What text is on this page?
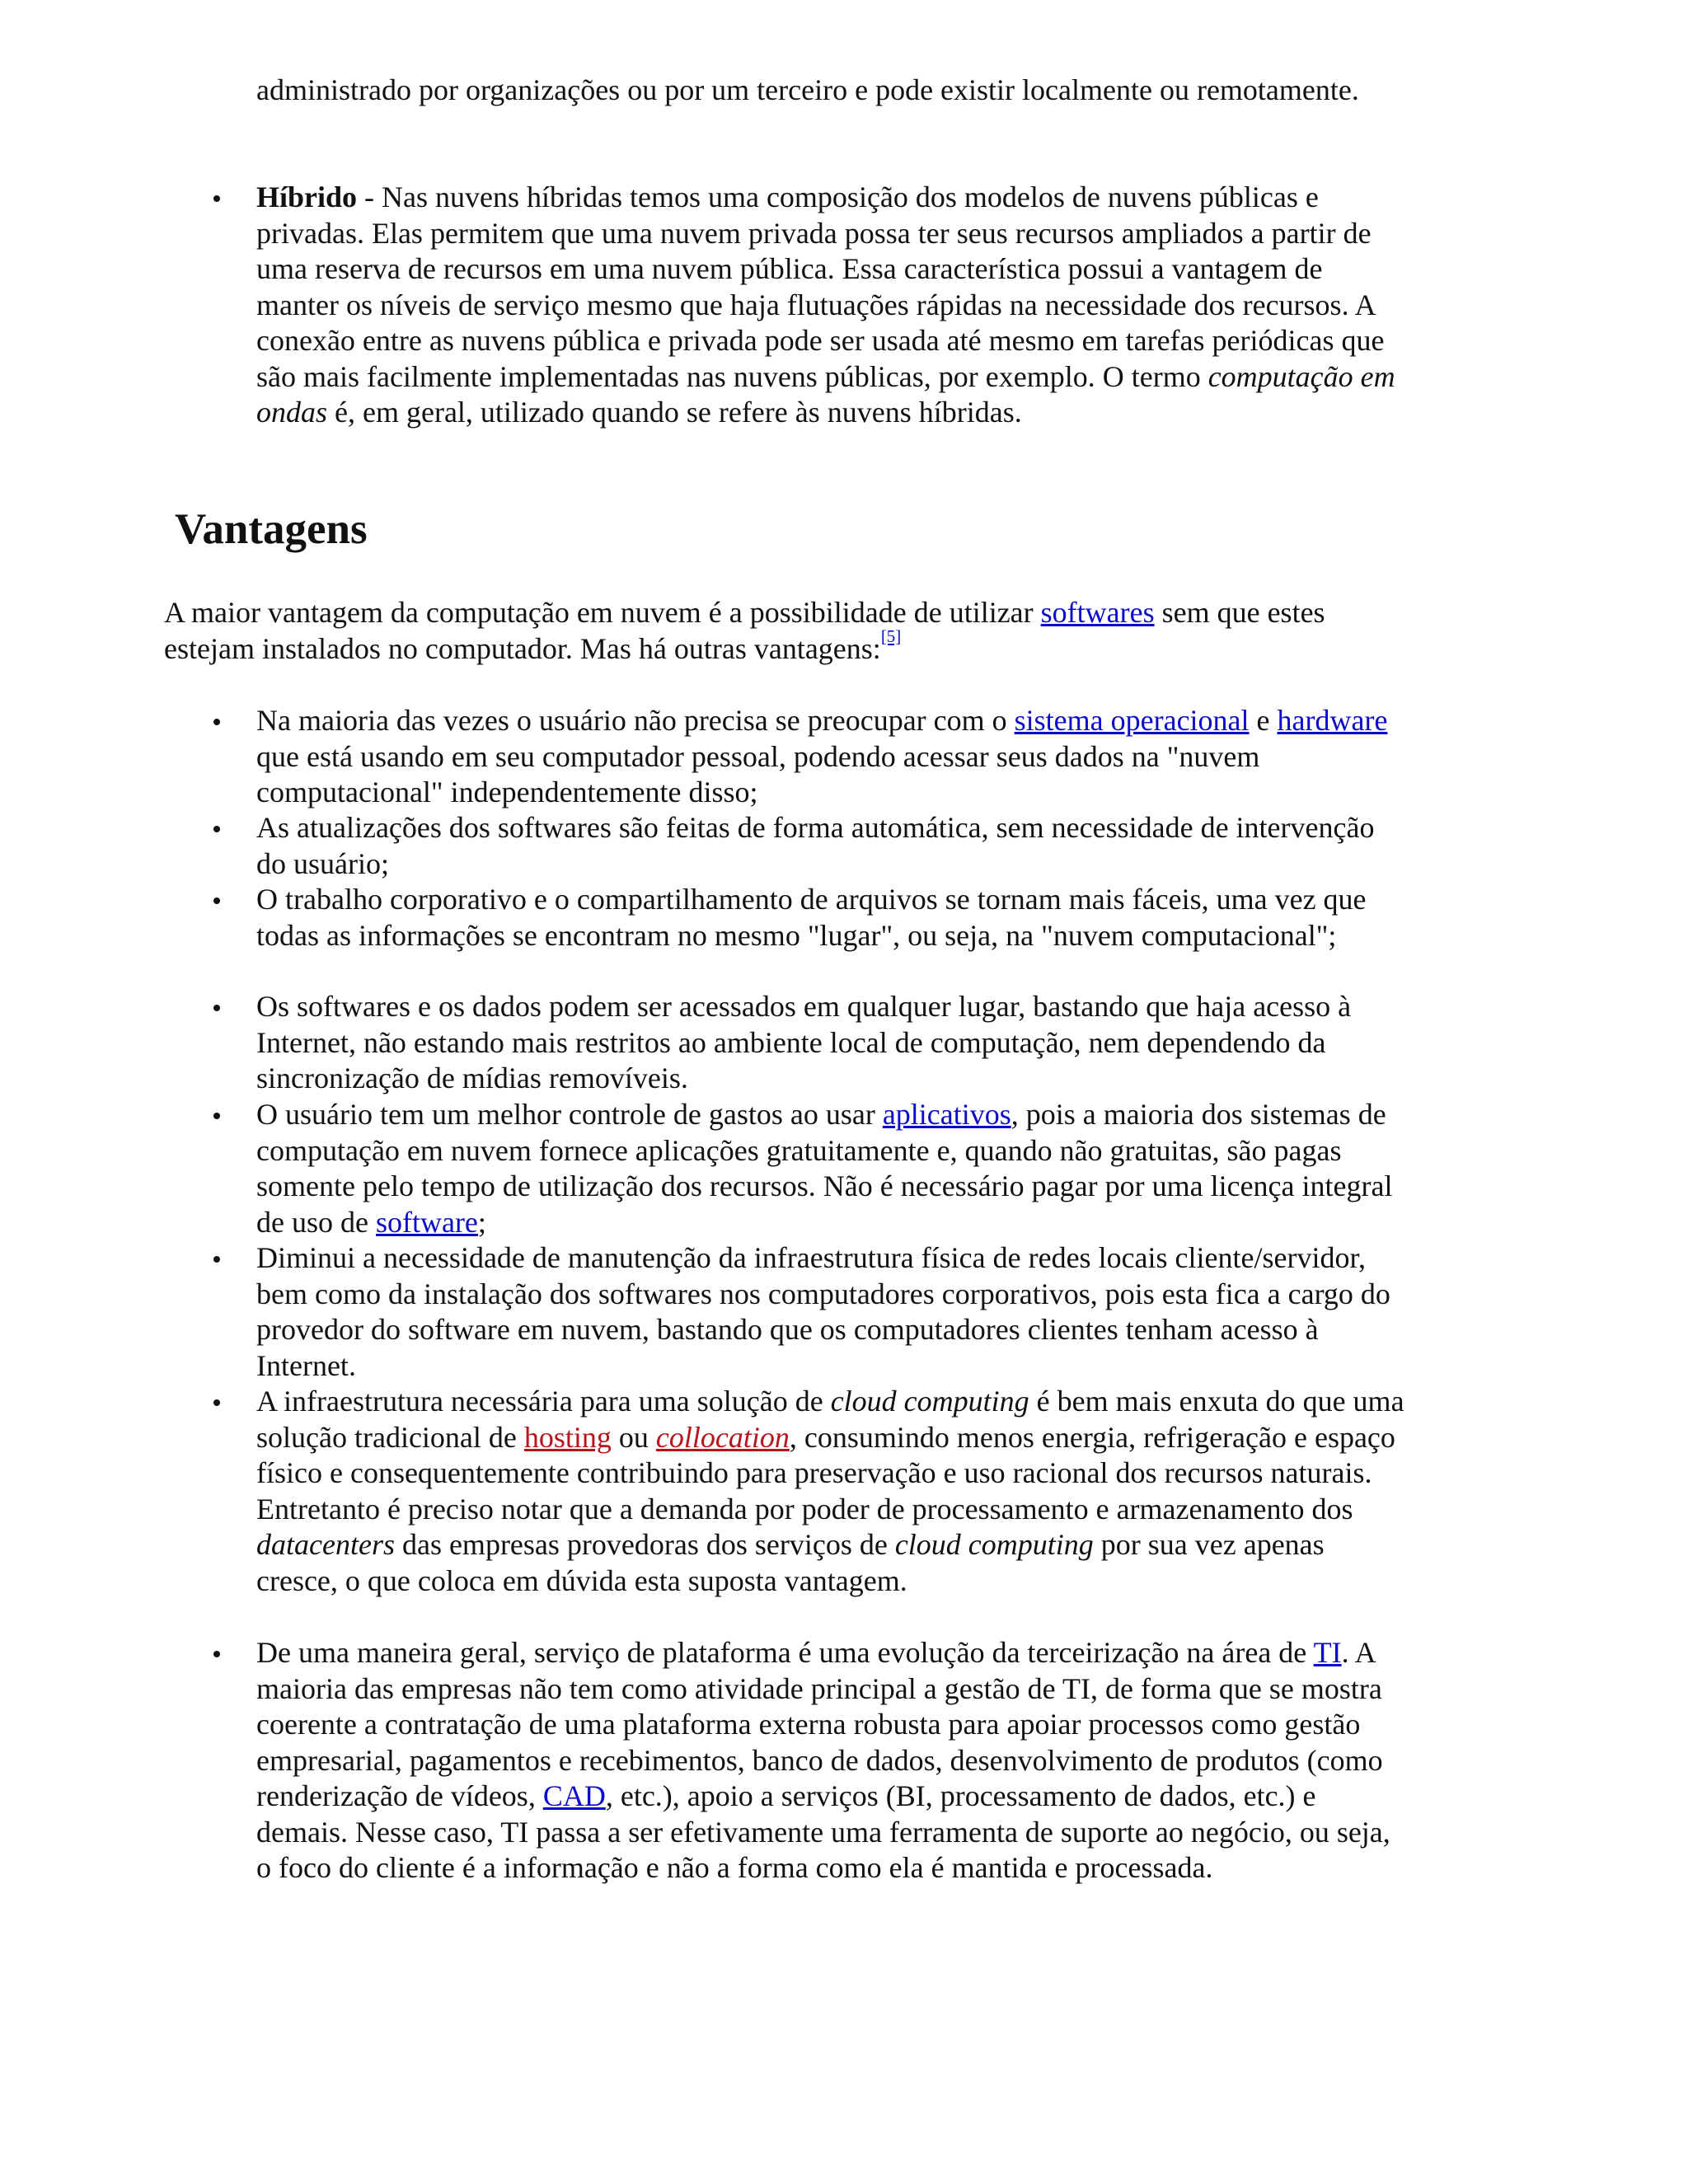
administrado por organizações ou por um terceiro e pode existir localmente ou remotamente.
Híbrido - Nas nuvens híbridas temos uma composição dos modelos de nuvens públicas e privadas. Elas permitem que uma nuvem privada possa ter seus recursos ampliados a partir de uma reserva de recursos em uma nuvem pública. Essa característica possui a vantagem de manter os níveis de serviço mesmo que haja flutuações rápidas na necessidade dos recursos. A conexão entre as nuvens pública e privada pode ser usada até mesmo em tarefas periódicas que são mais facilmente implementadas nas nuvens públicas, por exemplo. O termo computação em ondas é, em geral, utilizado quando se refere às nuvens híbridas.
Vantagens
A maior vantagem da computação em nuvem é a possibilidade de utilizar softwares sem que estes estejam instalados no computador. Mas há outras vantagens:[5]
Na maioria das vezes o usuário não precisa se preocupar com o sistema operacional e hardware que está usando em seu computador pessoal, podendo acessar seus dados na "nuvem computacional" independentemente disso;
As atualizações dos softwares são feitas de forma automática, sem necessidade de intervenção do usuário;
O trabalho corporativo e o compartilhamento de arquivos se tornam mais fáceis, uma vez que todas as informações se encontram no mesmo "lugar", ou seja, na "nuvem computacional";
Os softwares e os dados podem ser acessados em qualquer lugar, bastando que haja acesso à Internet, não estando mais restritos ao ambiente local de computação, nem dependendo da sincronização de mídias removíveis.
O usuário tem um melhor controle de gastos ao usar aplicativos, pois a maioria dos sistemas de computação em nuvem fornece aplicações gratuitamente e, quando não gratuitas, são pagas somente pelo tempo de utilização dos recursos. Não é necessário pagar por uma licença integral de uso de software;
Diminui a necessidade de manutenção da infraestrutura física de redes locais cliente/servidor, bem como da instalação dos softwares nos computadores corporativos, pois esta fica a cargo do provedor do software em nuvem, bastando que os computadores clientes tenham acesso à Internet.
A infraestrutura necessária para uma solução de cloud computing é bem mais enxuta do que uma solução tradicional de hosting ou collocation, consumindo menos energia, refrigeração e espaço físico e consequentemente contribuindo para preservação e uso racional dos recursos naturais. Entretanto é preciso notar que a demanda por poder de processamento e armazenamento dos datacenters das empresas provedoras dos serviços de cloud computing por sua vez apenas cresce, o que coloca em dúvida esta suposta vantagem.
De uma maneira geral, serviço de plataforma é uma evolução da terceirização na área de TI. A maioria das empresas não tem como atividade principal a gestão de TI, de forma que se mostra coerente a contratação de uma plataforma externa robusta para apoiar processos como gestão empresarial, pagamentos e recebimentos, banco de dados, desenvolvimento de produtos (como renderização de vídeos, CAD, etc.), apoio a serviços (BI, processamento de dados, etc.) e demais. Nesse caso, TI passa a ser efetivamente uma ferramenta de suporte ao negócio, ou seja, o foco do cliente é a informação e não a forma como ela é mantida e processada.
